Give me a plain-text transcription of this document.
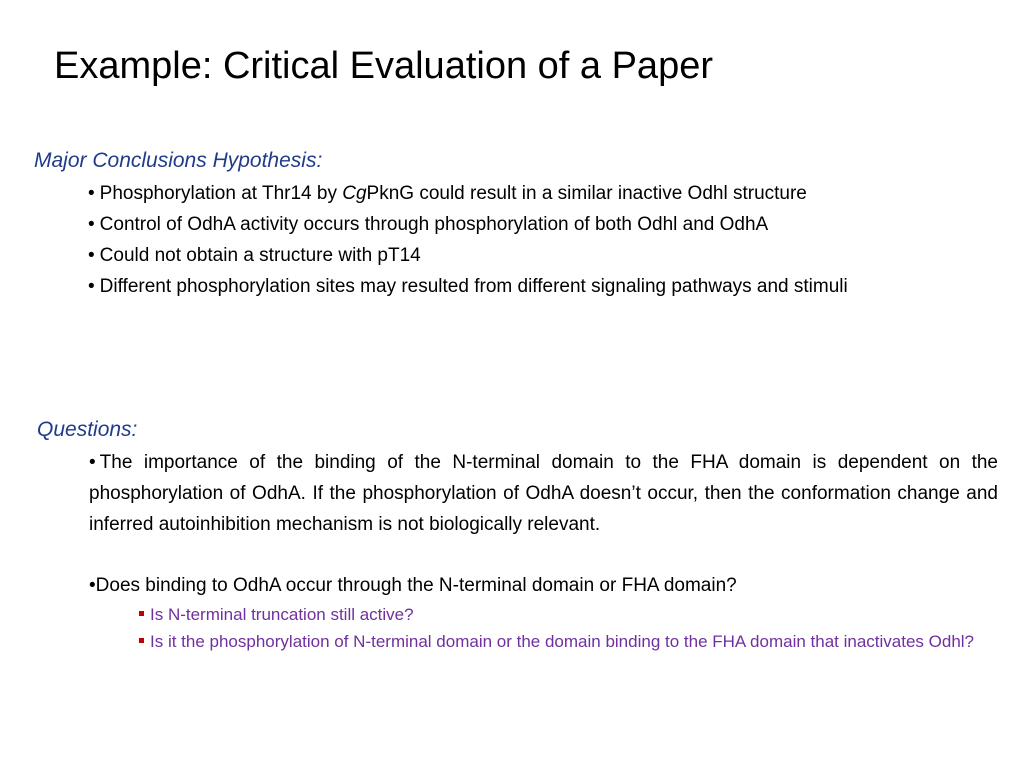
Example: Critical Evaluation of a Paper
Major Conclusions Hypothesis:

• Phosphorylation at Thr14 by CgPknG could result in a similar inactive Odhl structure

• Control of OdhA activity occurs through phosphorylation of both Odhl and OdhA

• Could not obtain a structure with pT14

• Different phosphorylation sites may resulted from different signaling pathways and stimuli

Questions:

• The importance of the binding of the N-terminal domain to the FHA domain is dependent on the phosphorylation of OdhA. If the phosphorylation of OdhA doesn’t occur, then the conformation change and inferred autoinhibition mechanism is not biologically relevant.

•Does binding to OdhA occur through the N-terminal domain or FHA domain?

Is N-terminal truncation still active?

Is it the phosphorylation of N-terminal domain or the domain binding to the FHA domain that inactivates Odhl?
